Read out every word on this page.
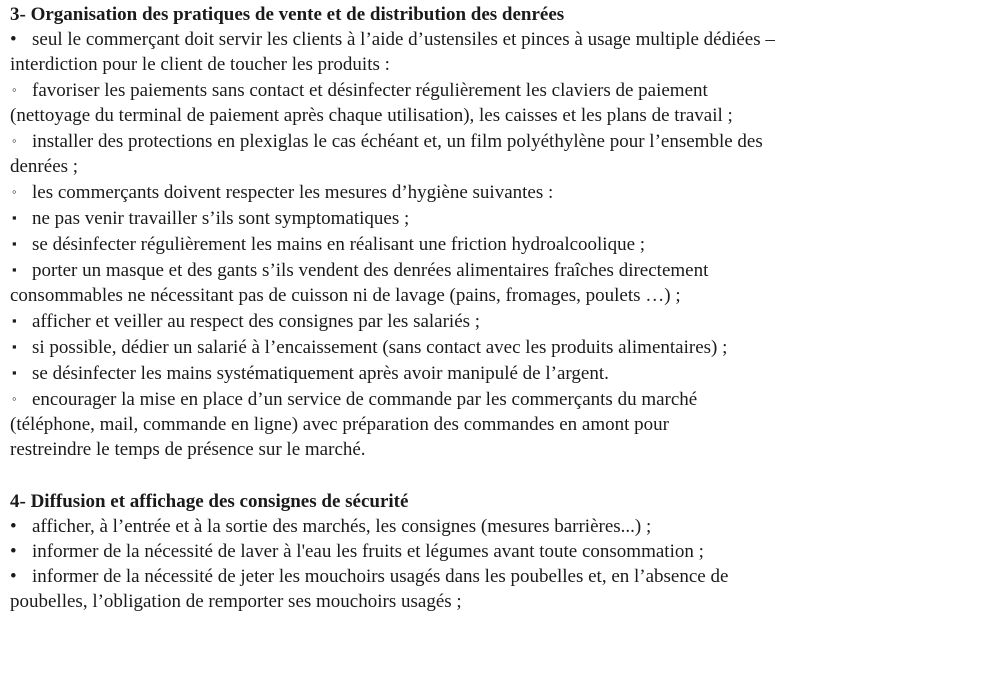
3- Organisation des pratiques de vente et de distribution des denrées

• seul le commerçant doit servir les clients à l’aide d’ustensiles et pinces à usage multiple dédiées –
interdiction pour le client de toucher les produits :
◦ favoriser les paiements sans contact et désinfecter régulièrement les claviers de paiement
(nettoyage du terminal de paiement après chaque utilisation), les caisses et les plans de travail ;
◦ installer des protections en plexiglas le cas échéant et, un film polyéthylène pour l’ensemble des
denrées ;
◦ les commerçants doivent respecter les mesures d’hygiène suivantes :
▪ ne pas venir travailler s’ils sont symptomatiques ;
▪ se désinfecter régulièrement les mains en réalisant une friction hydroalcoolique ;
▪ porter un masque et des gants s’ils vendent des denrées alimentaires fraîches directement
consommables ne nécessitant pas de cuisson ni de lavage (pains, fromages, poulets …) ;
▪ afficher et veiller au respect des consignes par les salariés ;
▪ si possible, dédier un salarié à l’encaissement (sans contact avec les produits alimentaires) ;
▪ se désinfecter les mains systématiquement après avoir manipulé de l’argent.
◦ encourager la mise en place d’un service de commande par les commerçants du marché
(téléphone, mail, commande en ligne) avec préparation des commandes en amont pour
restreindre le temps de présence sur le marché.

4- Diffusion et affichage des consignes de sécurité

• afficher, à l’entrée et à la sortie des marchés, les consignes (mesures barrières...) ;
• informer de la nécessité de laver à l'eau les fruits et légumes avant toute consommation ;
• informer de la nécessité de jeter les mouchoirs usagés dans les poubelles et, en l’absence de
poubelles, l’obligation de remporter ses mouchoirs usagés ;
